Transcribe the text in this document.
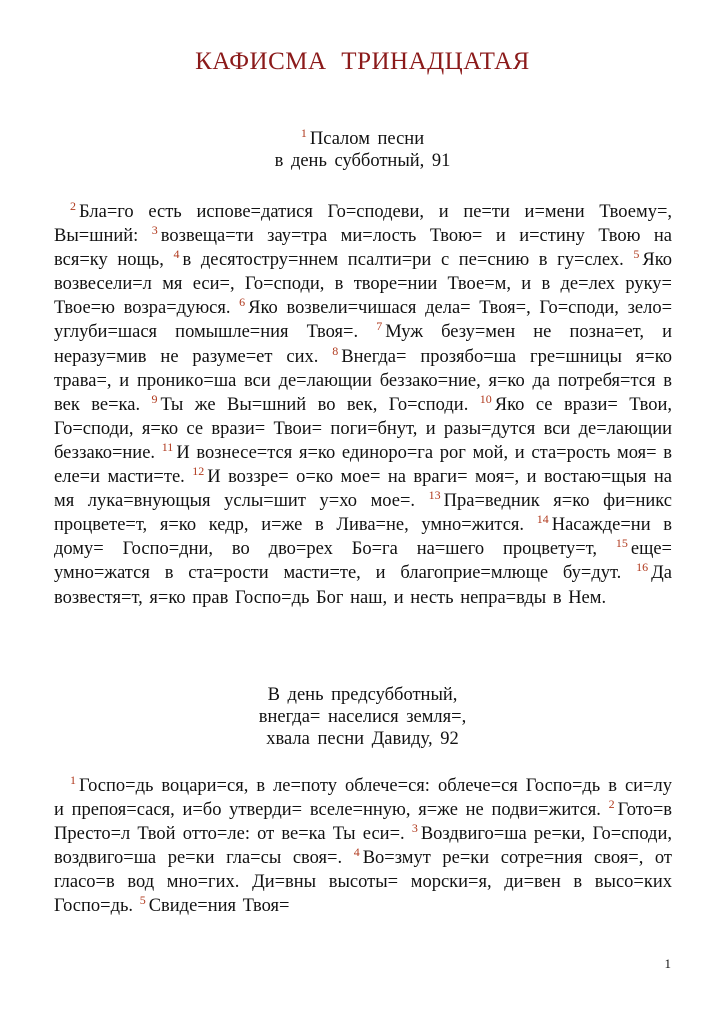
КАФИСМА ТРИНАДЦАТАЯ
$^1$ Псалом песни
в день субботный, 91
$^2$ Бла=го есть испове=датися Го=сподеви, и пе=ти и=мени Твоему=, Вы=шний: $^3$ возвеща=ти зау=тра ми=лость Твою= и и=стину Твою на вся=ку нощь, $^4$ в десятостру=ннем псалти=ри с пе=снию в гу=слех. $^5$ Яко возвесели=л мя еси=, Го=споди, в творе=нии Твое=м, и в де=лех руку= Твое=ю возра=дуюся. $^6$ Яко возвели=чишася дела= Твоя=, Го=споди, зело= углуби=шася помышле=ния Твоя=. $^7$ Муж безу=мен не позна=ет, и неразу=мив не разуме=ет сих. $^8$ Внегда= прозябо=ша гре=шницы я=ко трава=, и проникo=ша вси де=лающии беззако=ние, я=ко да потребя=тся в век ве=ка. $^9$ Ты же Вы=шний во век, Го=споди. $^{10}$ Яко се врази= Твои, Го=споди, я=ко се врази= Твои= поги=бнут, и разы=дутся вси де=лающии беззако=ние. $^{11}$ И вознесе=тся я=ко единоро=га рог мой, и ста=рость моя= в еле=и масти=те. $^{12}$ И воззре= о=ко мое= на враги= моя=, и востаю=щыя на мя лука=внующыя услы=шит у=хо мое=. $^{13}$ Пра=ведник я=ко фи=никс процвете=т, я=ко кедр, и=же в Лива=не, умно=жится. $^{14}$ Насажде=ни в дому= Госпо=дни, во дво=рех Бо=га на=шего процвету=т, $^{15}$ еще= умно=жатся в ста=рости масти=те, и благоприе=млюще бу=дут. $^{16}$ Да возвестя=т, я=ко прав Госпо=дь Бог наш, и несть непра=вды в Нем.
В день предсубботный,
внегда= населися земля=,
хвала песни Давиду, 92
$^1$ Госпо=дь воцари=ся, в ле=поту облече=ся: облече=ся Госпо=дь в си=лу и препоя=сася, и=бо утверди= вселе=нную, я=же не подви=жится. $^2$ Гото=в Престо=л Твой отто=ле: от ве=ка Ты еси=. $^3$ Воздвиго=ша ре=ки, Го=споди, воздвиго=ша ре=ки гла=сы своя=. $^4$ Во=змут ре=ки сотре=ния своя=, от гласо=в вод мно=гих. Ди=вны высоты= морски=я, ди=вен в высо=ких Госпо=дь. $^5$ Свиде=ния Твоя=
1
